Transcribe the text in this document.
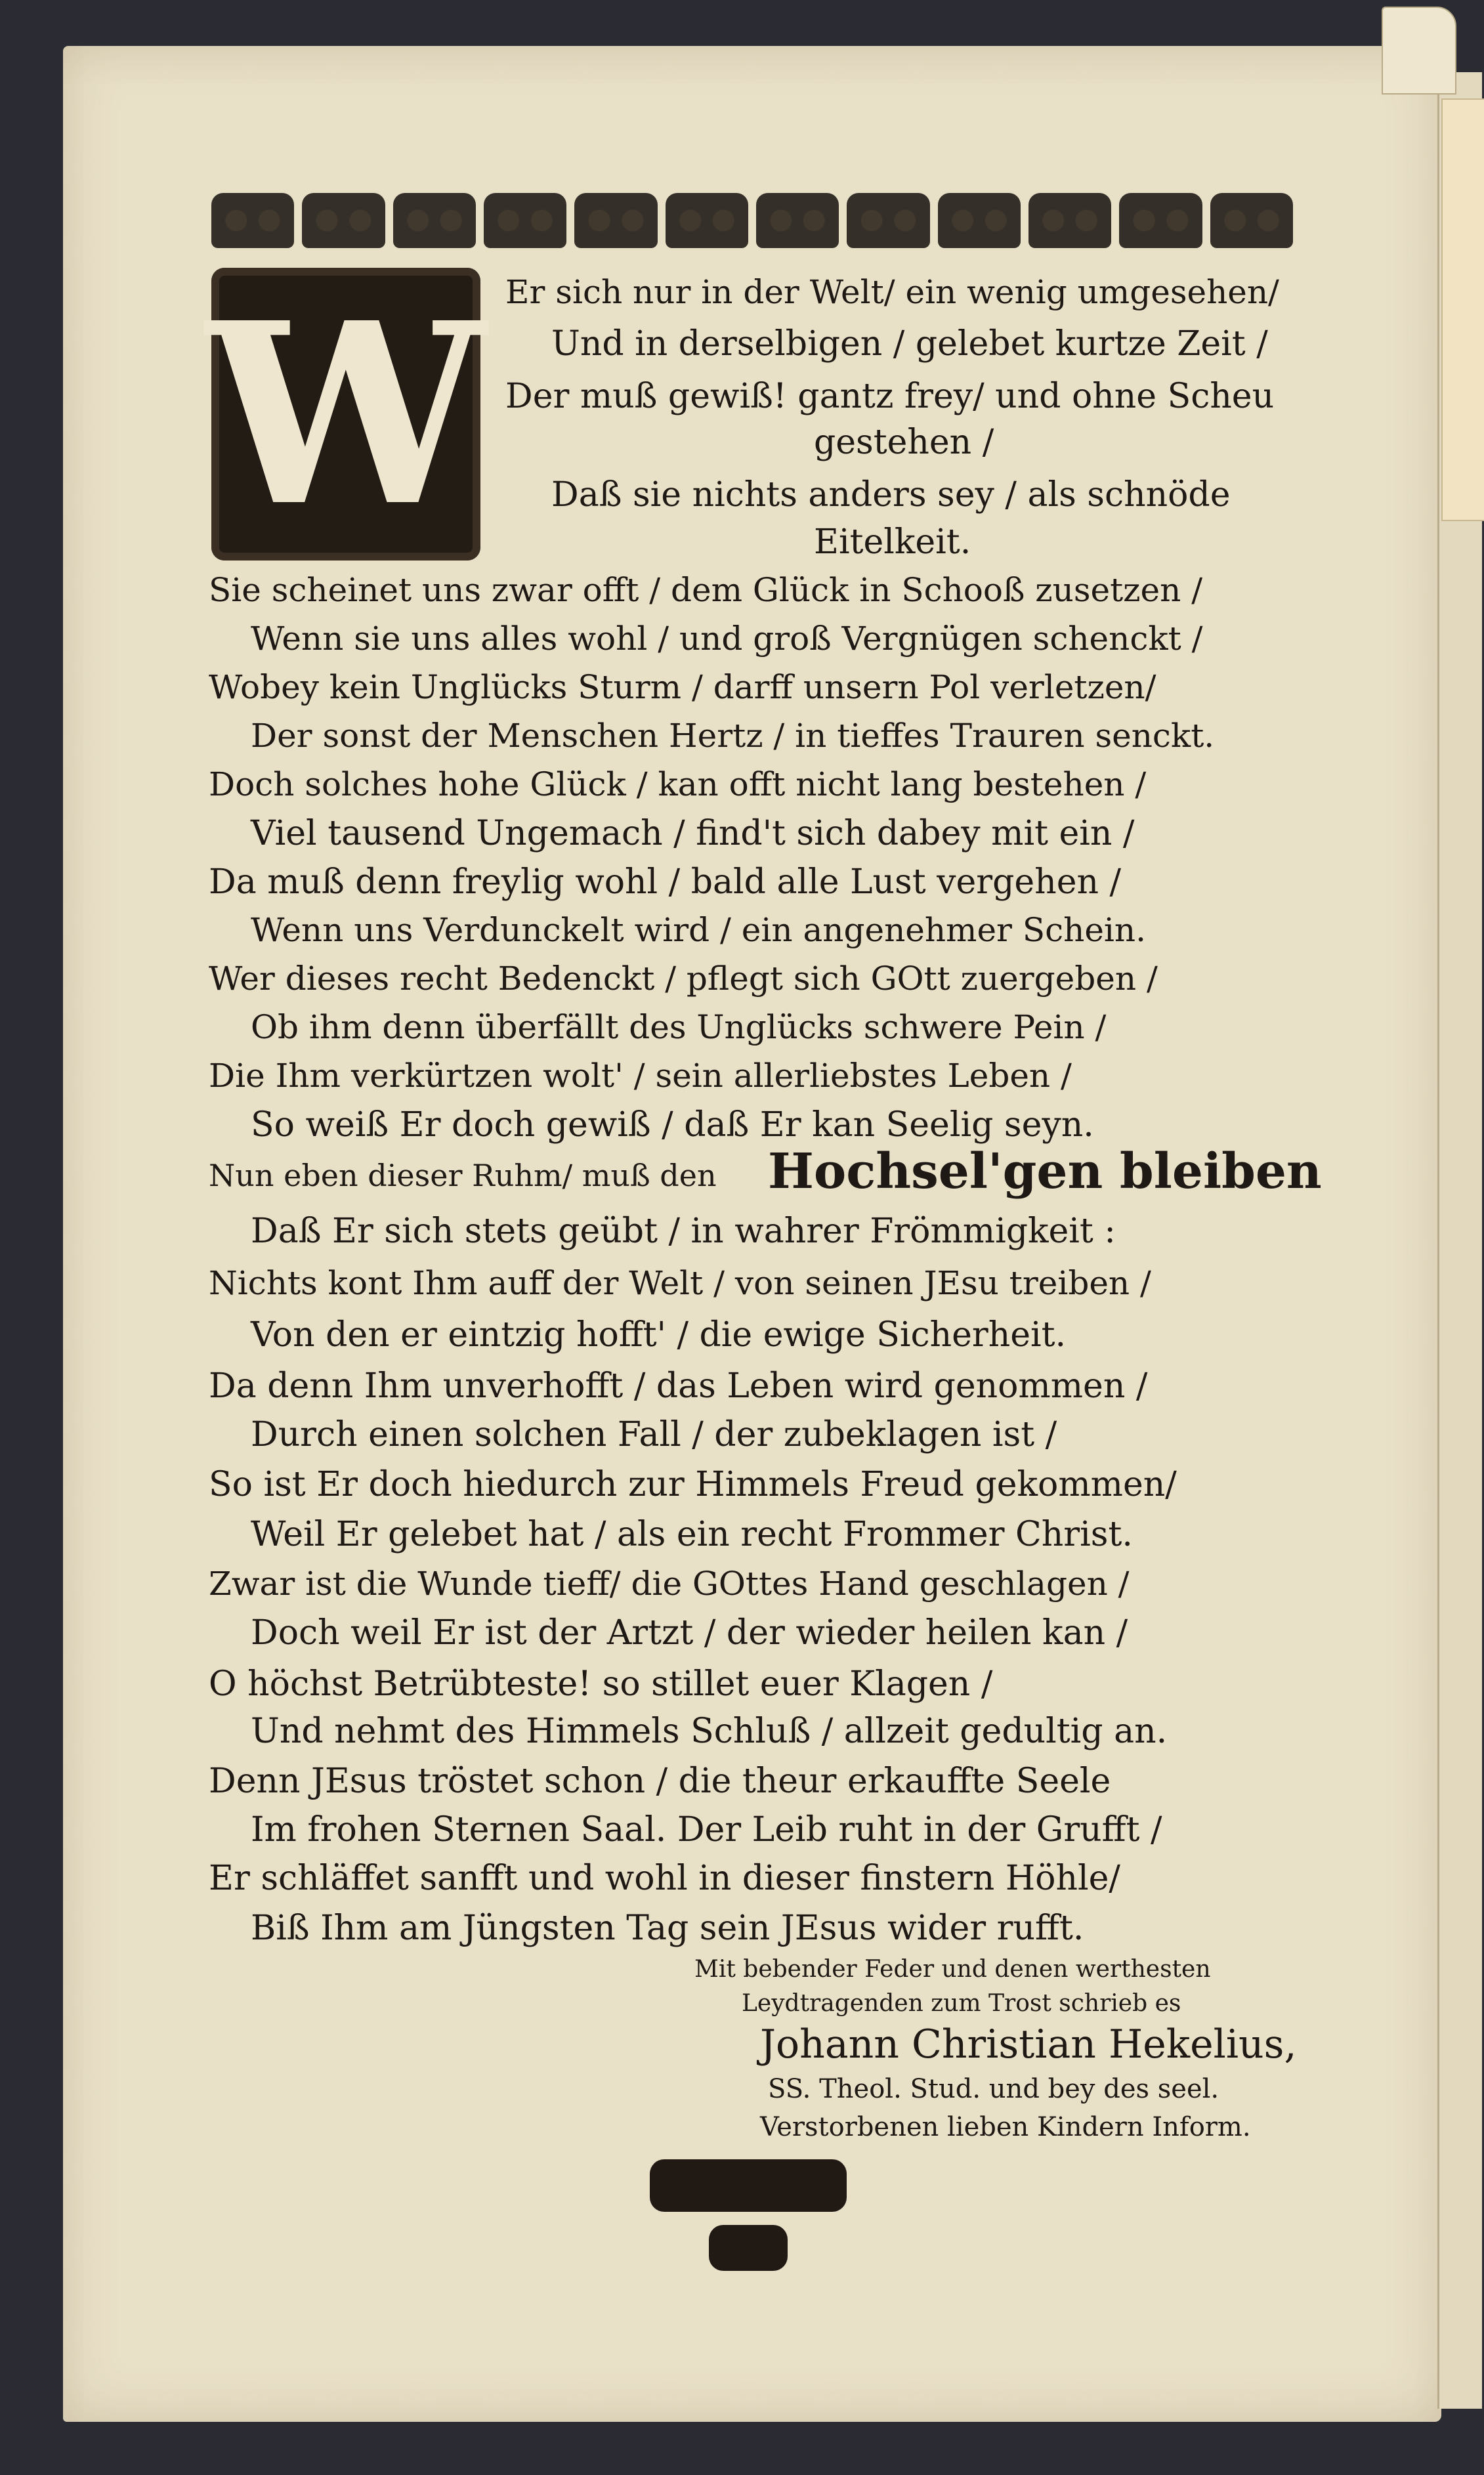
W Er sich nur in der Welt/ ein wenig umgesehen/
Und in derselbigen / gelebet kurtze Zeit /
Der muß gewiß! gantz frey/ und ohne Scheu
gestehen /
Daß sie nichts anders sey / als schnöde
Eitelkeit.
Sie scheinet uns zwar offt / dem Glück in Schooß zusetzen /
Wenn sie uns alles wohl / und groß Vergnügen schenckt /
Wobey kein Unglücks Sturm / darff unsern Pol verletzen/
Der sonst der Menschen Hertz / in tieffes Trauren senckt.
Doch solches hohe Glück / kan offt nicht lang bestehen /
Viel tausend Ungemach / find't sich dabey mit ein /
Da muß denn freylig wohl / bald alle Lust vergehen /
Wenn uns Verdunckelt wird / ein angenehmer Schein.
Wer dieses recht Bedenckt / pflegt sich GOtt zuergeben /
Ob ihm denn überfällt des Unglücks schwere Pein /
Die Ihm verkürtzen wolt' / sein allerliebstes Leben /
So weiß Er doch gewiß / daß Er kan Seelig seyn.
Nun eben dieser Ruhm/ muß den Hochsel'gen bleiben
Daß Er sich stets geübt / in wahrer Frömmigkeit :
Nichts kont Ihm auff der Welt / von seinen JEsu treiben /
Von den er eintzig hofft' / die ewige Sicherheit.
Da denn Ihm unverhofft / das Leben wird genommen /
Durch einen solchen Fall / der zubeklagen ist /
So ist Er doch hiedurch zur Himmels Freud gekommen/
Weil Er gelebet hat / als ein recht Frommer Christ.
Zwar ist die Wunde tieff/ die GOttes Hand geschlagen /
Doch weil Er ist der Artzt / der wieder heilen kan /
O höchst Betrübteste! so stillet euer Klagen /
Und nehmt des Himmels Schluß / allzeit gedultig an.
Denn JEsus tröstet schon / die theur erkauffte Seele
Im frohen Sternen Saal. Der Leib ruht in der Grufft /
Er schläffet sanfft und wohl in dieser finstern Höhle/
Biß Ihm am Jüngsten Tag sein JEsus wider rufft.
Mit bebender Feder und denen werthesten
Leydtragenden zum Trost schrieb es
Johann Christian Hekelius,
SS. Theol. Stud. und bey des seel.
Verstorbenen lieben Kindern Inform.
